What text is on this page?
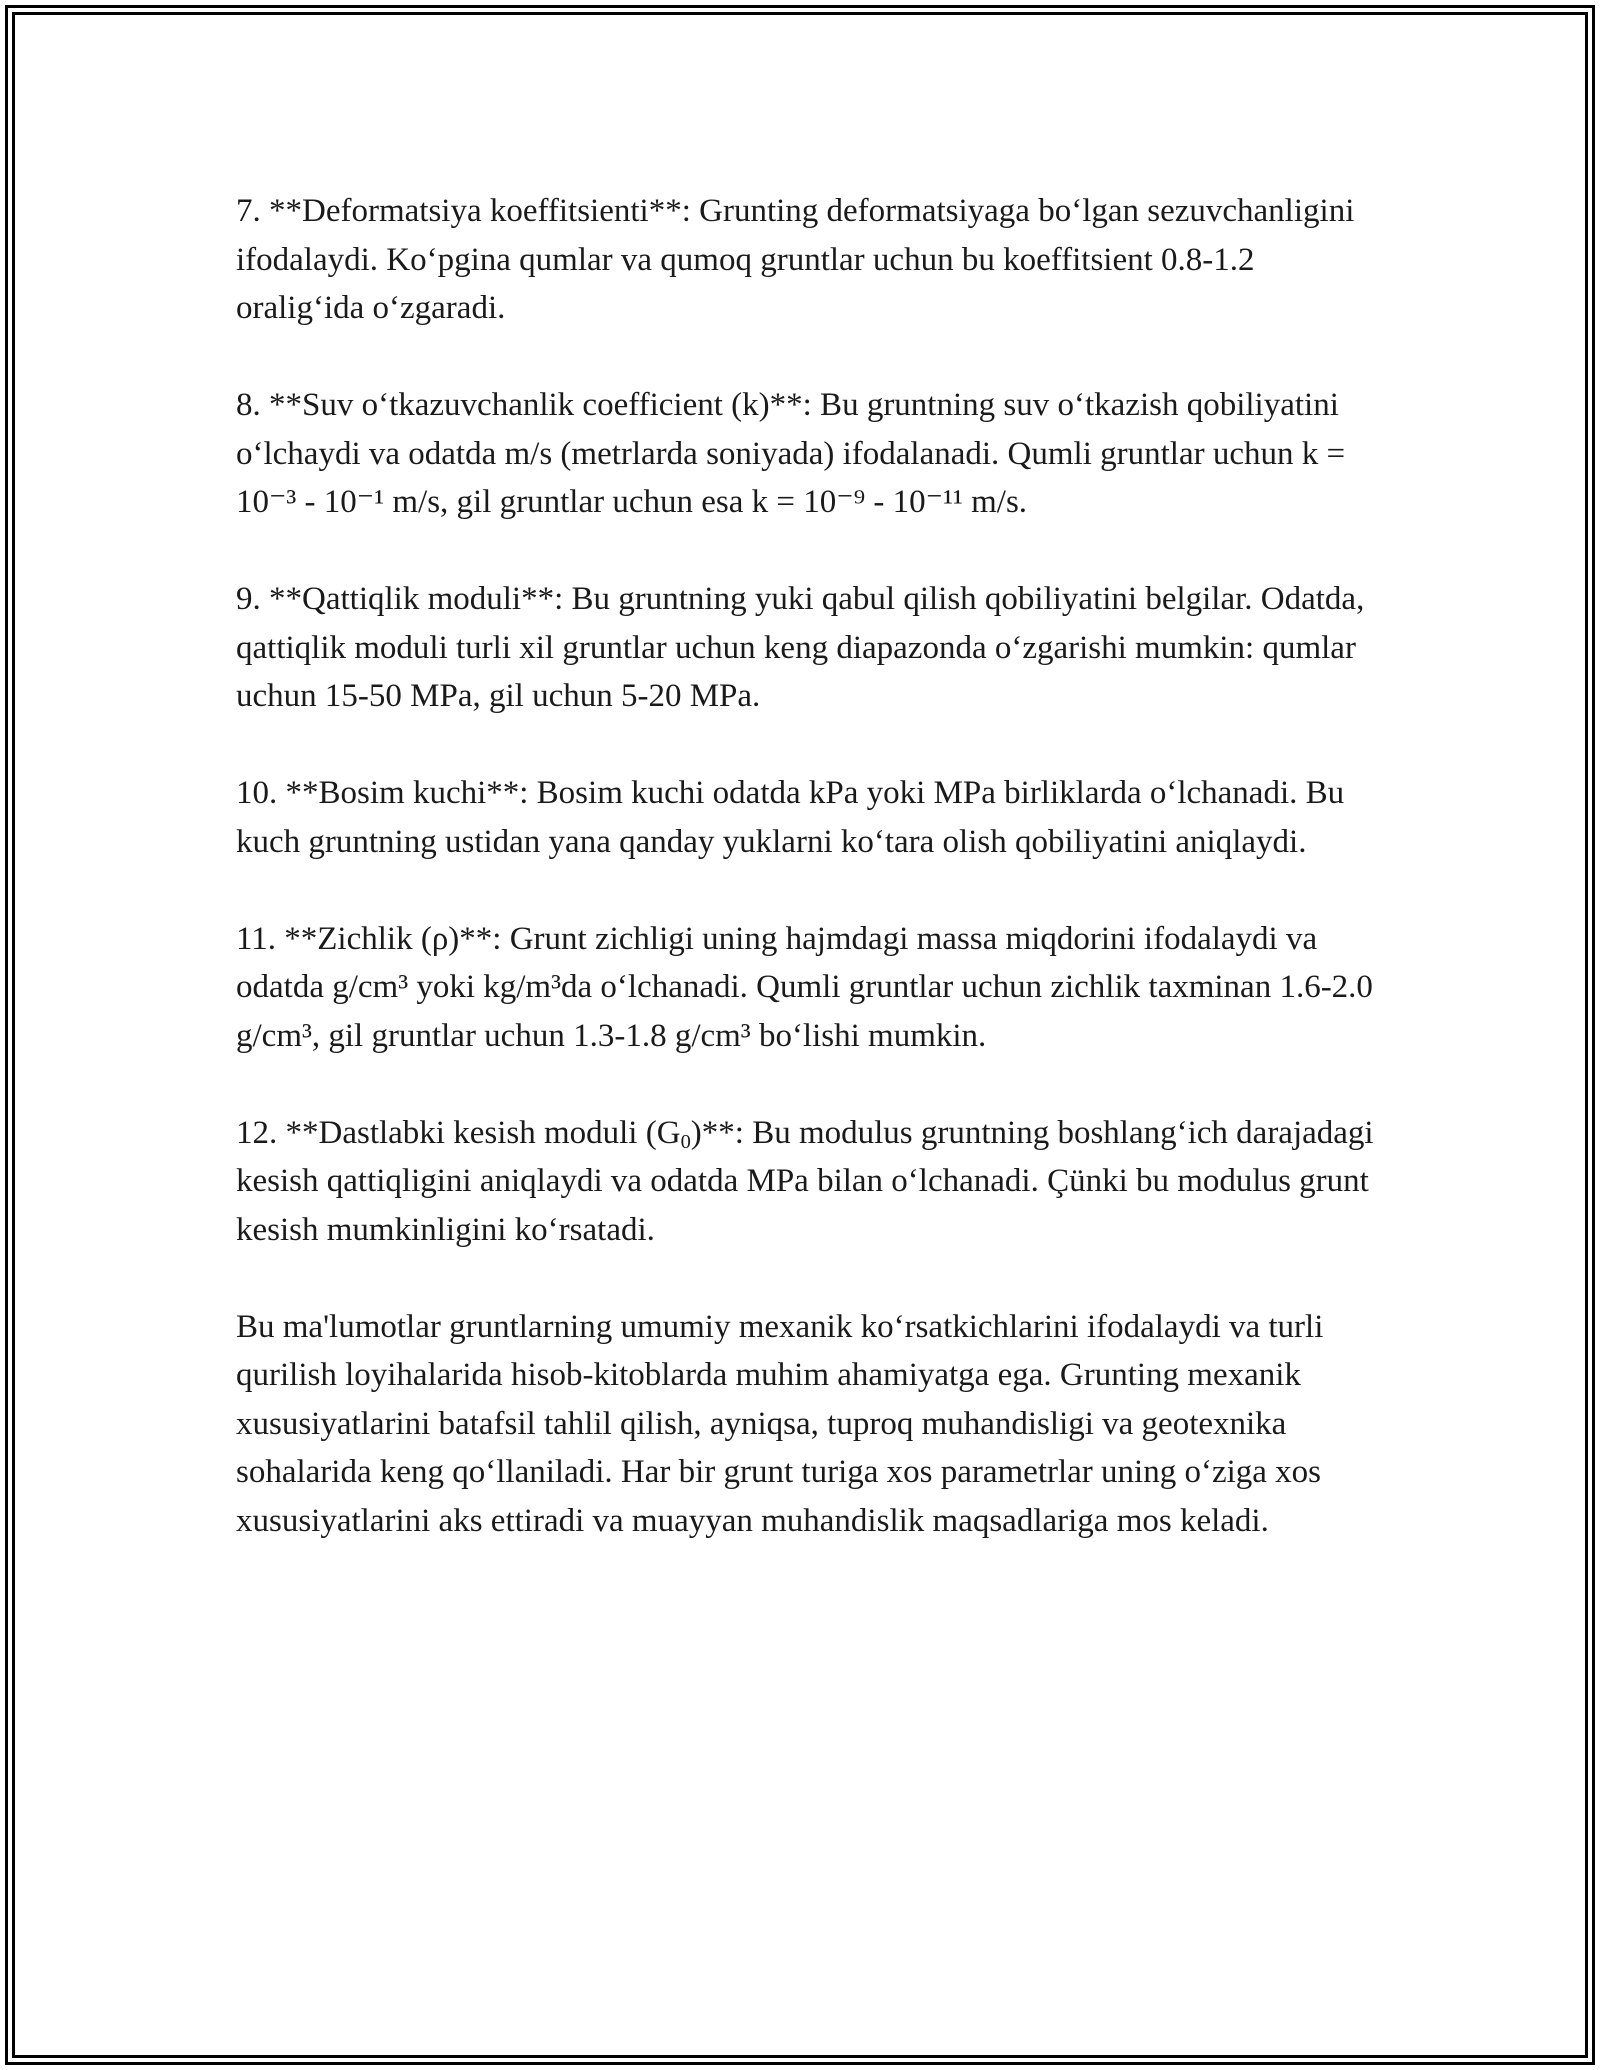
7. **Deformatsiya koeffitsienti**: Grunting deformatsiyaga bo‘lgan sezuvchanligini ifodalaydi. Ko‘pgina qumlar va qumoq gruntlar uchun bu koeffitsient 0.8-1.2 oralig‘ida o‘zgaradi.

8. **Suv o‘tkazuvchanlik coefficient (k)**: Bu gruntning suv o‘tkazish qobiliyatini o‘lchaydi va odatda m/s (metrlarda soniyada) ifodalanadi. Qumli gruntlar uchun k = 10⁻³ - 10⁻¹ m/s, gil gruntlar uchun esa k = 10⁻⁹ - 10⁻¹¹ m/s.

9. **Qattiqlik moduli**: Bu gruntning yuki qabul qilish qobiliyatini belgilar. Odatda, qattiqlik moduli turli xil gruntlar uchun keng diapazonda o‘zgarishi mumkin: qumlar uchun 15-50 MPa, gil uchun 5-20 MPa.

10. **Bosim kuchi**: Bosim kuchi odatda kPa yoki MPa birliklarda o‘lchanadi. Bu kuch gruntning ustidan yana qanday yuklarni ko‘tara olish qobiliyatini aniqlaydi.

11. **Zichlik (ρ)**: Grunt zichligi uning hajmdagi massa miqdorini ifodalaydi va odatda g/cm³ yoki kg/m³da o‘lchanadi. Qumli gruntlar uchun zichlik taxminan 1.6-2.0 g/cm³, gil gruntlar uchun 1.3-1.8 g/cm³ bo‘lishi mumkin.

12. **Dastlabki kesish moduli $(G_0)**$: Bu modulus gruntning boshlang‘ich darajadagi kesish qattiqligini aniqlaydi va odatda MPa bilan o‘lchanadi. Çünki bu modulus grunt kesish mumkinligini ko‘rsatadi.

Bu ma'lumotlar gruntlarning umumiy mexanik ko‘rsatkichlarini ifodalaydi va turli qurilish loyihalarida hisob-kitoblarda muhim ahamiyatga ega. Grunting mexanik xususiyatlarini batafsil tahlil qilish, ayniqsa, tuproq muhandisligi va geotexnika sohalarida keng qo‘llaniladi. Har bir grunt turiga xos parametrlar uning o‘ziga xos xususiyatlarini aks ettiradi va muayyan muhandislik maqsadlariga mos keladi.
